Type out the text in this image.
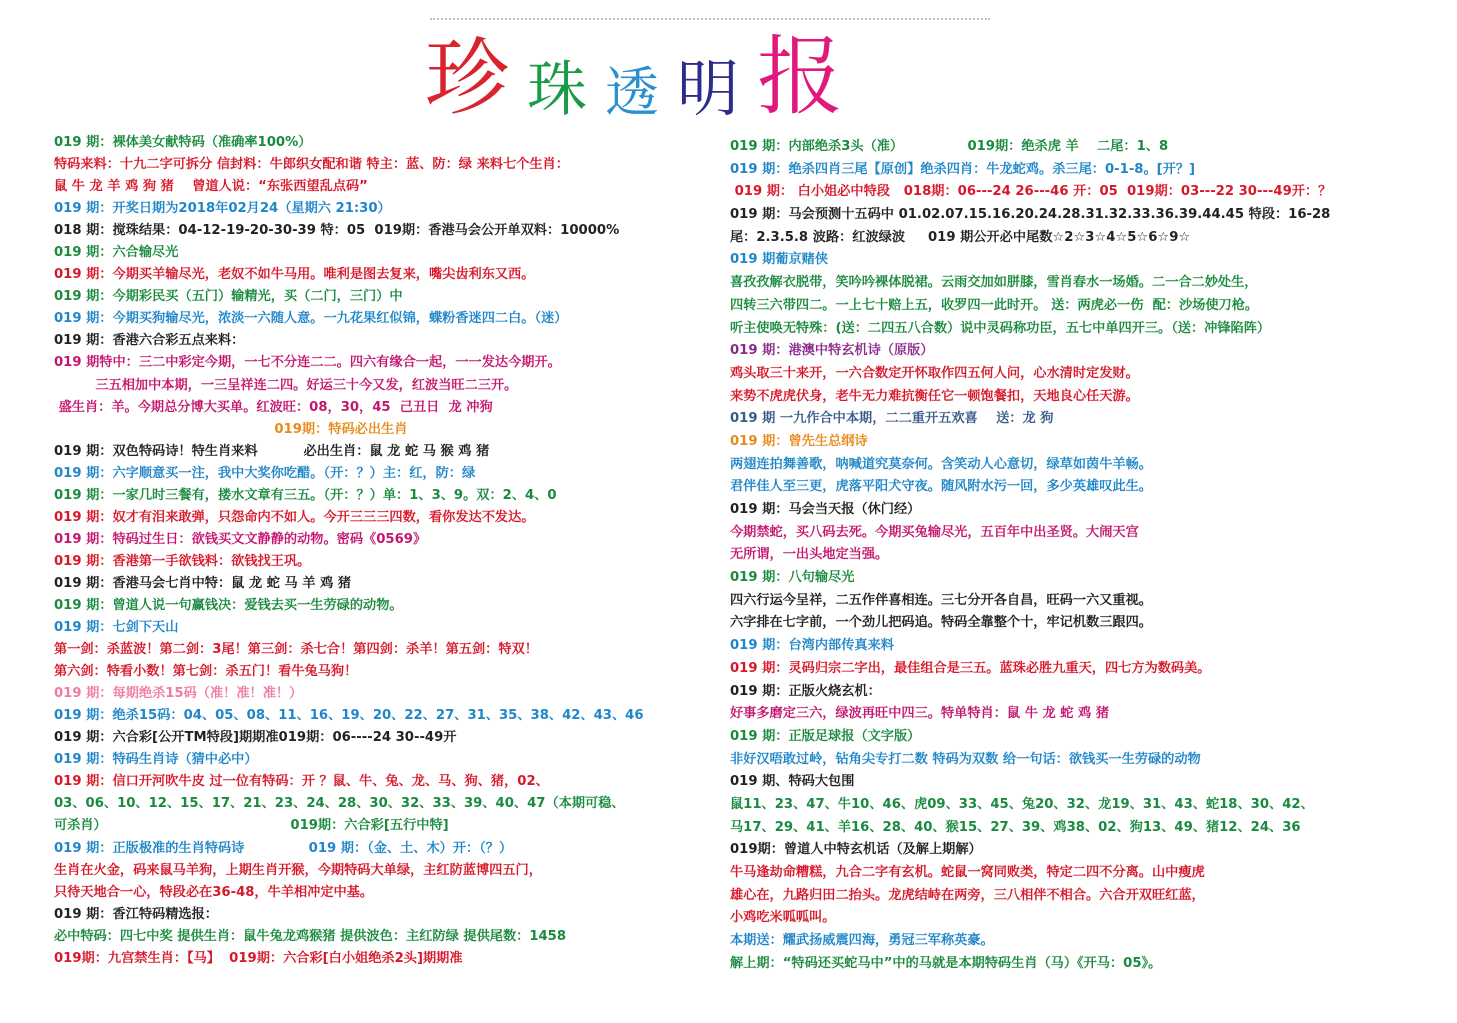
珍 珠 透 明 报
019 期：裸体美女献特码（准确率100%）
特码来料：十九二字可拆分 信封料：牛郎织女配和谐 特主：蓝、防：绿 来料七个生肖：
鼠 牛 龙 羊 鸡 狗 猪    曾道人说：“东张西望乱点码”
019 期：开奖日期为2018年02月24（星期六 21:30）
018 期：搅珠结果：04-12-19-20-30-39 特：05  019期：香港马会公开单双料：10000%
019 期：六合输尽光
019 期：今期买羊输尽光，老奴不如牛马用。唯利是图去复来，嘴尖齿利东又西。
019 期：今期彩民买（五门）输精光，买（二门，三门）中
019 期：今期买狗输尽光，浓淡一六随人意。一九花果红似锦，蝶粉香迷四二白。（迷）
019 期：香港六合彩五点来料：
019 期特中：三二中彩定今期，一七不分连二二。四六有缘合一起，一一发达今期开。
三五相加中本期，一三呈祥连二四。好运三十今又发，红波当旺二三开。
盛生肖：羊。今期总分博大买单。红波旺：08，30，45  己丑日  龙 冲狗
019期：特码必出生肖
019 期：双色特码诗！特生肖来料          必出生肖：鼠 龙 蛇 马 猴 鸡 猪
019 期：六字顺意买一注，我中大奖你吃醋。（开：？）主：红，防：绿
019 期：一家几时三餐有，搂水文章有三五。（开：？）单：1、3、9。双：2、4、0
019 期：奴才有泪来敢弹，只怨命内不如人。今开三三三四数，看你发达不发达。
019 期：特码过生日：欲钱买文文静静的动物。密码《0569》
019 期：香港第一手欲钱料：欲钱找王巩。
019 期：香港马会七肖中特：鼠 龙 蛇 马 羊 鸡 猪
019 期：曾道人说一句赢钱决：爱钱去买一生劳碌的动物。
019 期：七剑下天山
第一剑：杀蓝波！第二剑：3尾！第三剑：杀七合！第四剑：杀羊！第五剑：特双！
第六剑：特看小数！第七剑：杀五门！看牛兔马狗！
019 期：每期绝杀15码（准！准！准！）
019 期：绝杀15码：04、05、08、11、16、19、20、22、27、31、35、38、42、43、46
019 期：六合彩[公开TM特段]期期准019期：06----24 30--49开
019 期：特码生肖诗（猜中必中）
019 期：信口开河吹牛皮 过一位有特码：开 ？鼠、牛、兔、龙、马、狗、猪，02、
03、06、10、12、15、17、21、23、24、28、30、32、33、39、40、47（本期可稳、
可杀肖）                                        019期：六合彩[五行中特]
019 期：正版极准的生肖特码诗              019 期：（金、土、木）开：（？）
生肖在火金，码来鼠马羊狗，上期生肖开猴，今期特码大单绿，主红防蓝博四五门，
只待天地合一心，特段必在36-48，牛羊相冲定中基。
019 期：香江特码精选报：
必中特码：四七中奖 提供生肖：鼠牛兔龙鸡猴猪 提供波色：主红防绿 提供尾数：1458
019期：九宫禁生肖：【马】  019期：六合彩[白小姐绝杀2头]期期准
019 期：内部绝杀3头（准）              019期：绝杀虎 羊    二尾：1、8
019 期：绝杀四肖三尾【原创】绝杀四肖：牛龙蛇鸡。杀三尾：0-1-8。[开？]
019 期： 白小姐必中特段   018期：06---24 26---46 开：05  019期：03---22 30---49开：？
019 期：马会预测十五码中 01.02.07.15.16.20.24.28.31.32.33.36.39.44.45 特段：16-28
尾：2.3.5.8 波路：红波绿波     019 期公开必中尾数☆2☆3☆4☆5☆6☆9☆
019 期葡京赌侠
喜孜孜解衣脱带，笑吟吟裸体脱裙。云雨交加如胼膝，雪肖春水一场婚。二一合二妙处生，
四转三六带四二。一上七十赔上五，收罗四一此时开。 送：两虎必一伤  配：沙场使刀枪。
听主使唤无特殊：(送：二四五八合数）说中灵码称功臣，五七中单四开三。（送：冲锋陷阵）
019 期：港澳中特玄机诗（原版）
鸡头取三十来开，一六合数定开怀取作四五何人问，心水清时定发财。
来势不虎虎伏身，老牛无力难抗衡任它一顿饱餐扣，天地良心任天游。
019 期 一九作合中本期，二二重开五欢喜    送：龙 狗
019 期：曾先生总纲诗
两翅连拍舞善歌，呐喊道究莫奈何。含笑动人心意切，绿草如茵牛羊畅。
君伴佳人至三更，虎落平阳犬守夜。随风附水污一回，多少英雄叹此生。
019 期：马会当天报（休门经）
今期禁蛇，买八码去死。今期买兔输尽光，五百年中出圣贤。大闹天宫
无所谓，一出头地定当强。
019 期：八句输尽光
四六行运今呈祥，二五作伴喜相连。三七分开各自昌，旺码一六又重视。
六字排在七字前，一个劲儿把码追。特码全靠整个十，牢记机数三跟四。
019 期：台湾内部传真来料
019 期：灵码归宗二字出，最佳组合是三五。蓝珠必胜九重天，四七方为数码美。
019 期：正版火烧玄机：
好事多磨定三六，绿波再旺中四三。特单特肖：鼠 牛 龙 蛇 鸡 猪
019 期：正版足球报（文字版）
非好汉唔敢过岭，钻角尖专打二数 特码为双数 给一句话：欲钱买一生劳碌的动物
019 期、特码大包围
鼠11、23、47、牛10、46、虎09、33、45、兔20、32、龙19、31、43、蛇18、30、42、
马17、29、41、羊16、28、40、猴15、27、39、鸡38、02、狗13、49、猪12、24、36
019期：曾道人中特玄机话（及解上期解）
牛马逢劫命糟糕，九合二字有玄机。蛇鼠一窝同败类，特定二四不分离。山中瘦虎
雄心在，九路归田二抬头。龙虎结峙在两旁，三八相伴不相合。六合开双旺红蓝，
小鸡吃米呱呱叫。
本期送：耀武扬威震四海，勇冠三军称英豪。
解上期：“特码还买蛇马中”中的马就是本期特码生肖（马）《开马：05》。
